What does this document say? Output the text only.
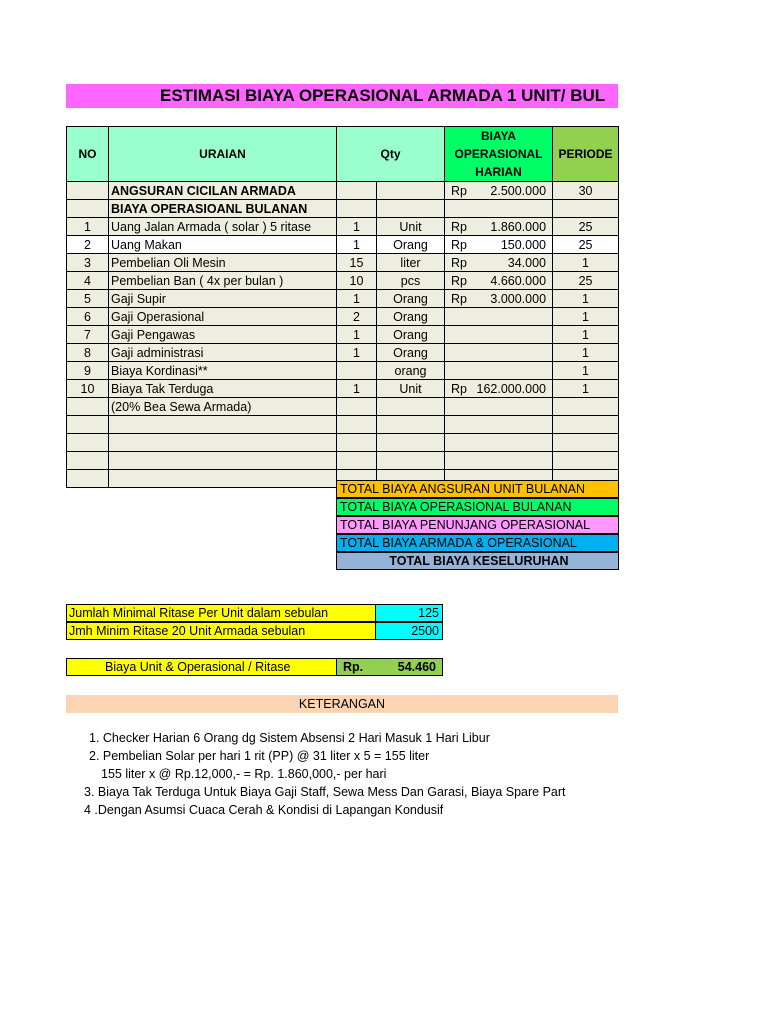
ESTIMASI BIAYA OPERASIONAL ARMADA 1 UNIT/ BUL
NO	URAIAN	Qty		BIAYA OPERASIONAL HARIAN	PERIODE
	ANGSURAN CICILAN ARMADA			Rp 2.500.000	30
	BIAYA OPERASIOANL BULANAN			

1	Uang Jalan Armada ( solar ) 5 ritase	1	Unit	Rp 1.860.000	25
2	Uang Makan	1	Orang	Rp 150.000	25
3	Pembelian Oli Mesin	15	liter	Rp 34.000	1
4	Pembelian Ban ( 4x per bulan )	10	pcs	Rp 4.660.000	25
5	Gaji Supir	1	Orang	Rp 3.000.000	1
6	Gaji Operasional	2	Orang		1
7	Gaji Pengawas	1	Orang		1
8	Gaji administrasi	1	Orang		1
9	Biaya Kordinasi**		orang		1
10	Biaya Tak Terduga	1	Unit	Rp 162.000.000	1
	(20% Bea Sewa Armada)			

TOTAL BIAYA ANGSURAN UNIT BULANAN
TOTAL BIAYA OPERASIONAL BULANAN
TOTAL BIAYA PENUNJANG OPERASIONAL
TOTAL BIAYA ARMADA & OPERASIONAL
TOTAL BIAYA KESELURUHAN
Jumlah Minimal Ritase Per Unit dalam sebulan	125
Jmh Minim Ritase 20 Unit Armada sebulan	2500
Biaya Unit & Operasional / Ritase	Rp.	54.460
KETERANGAN
1. Checker Harian 6 Orang dg Sistem Absensi 2 Hari Masuk 1 Hari Libur
2. Pembelian Solar per hari 1 rit (PP) @ 31 liter x 5 = 155 liter
155 liter x @ Rp.12,000,- = Rp. 1.860,000,- per hari
3. Biaya Tak Terduga Untuk Biaya Gaji Staff, Sewa Mess Dan Garasi, Biaya Spare Part
4 .Dengan Asumsi Cuaca Cerah & Kondisi di Lapangan Kondusif
